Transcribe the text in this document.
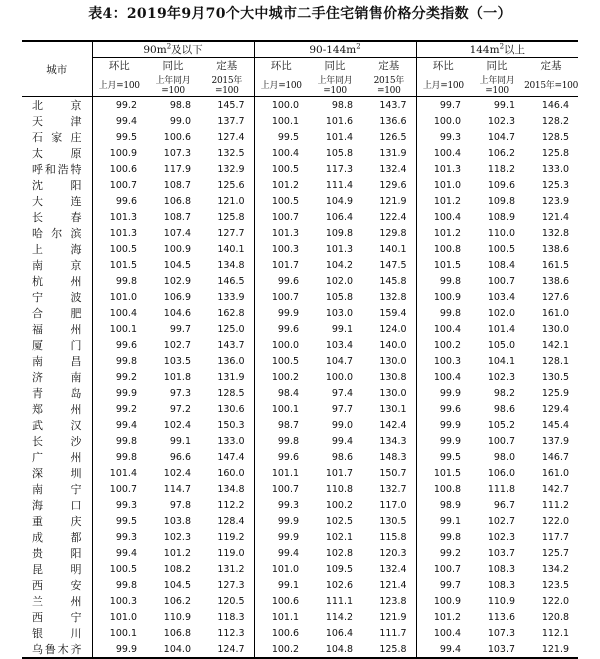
表4：2019年9月70个大中城市二手住宅销售价格分类指数（一）
城市	$90m^2$及以下			$90-144m^2$			$144m^2$以上		
	环比	同比	定基	环比	同比	定基	环比	同比	定基
	上月=100	上年同月=100	2015年=100	上月=100	上年同月=100	2015年=100	上月=100	上年同月=100	2015年=100
北京	99.2	98.8	145.7	100.0	98.8	143.7	99.7	99.1	146.4
天津	99.4	99.0	137.7	100.1	101.6	136.6	100.0	102.3	128.2
石家庄	99.5	100.6	127.4	99.5	101.4	126.5	99.3	104.7	128.5
太原	100.9	107.3	132.5	100.4	105.8	131.9	100.4	106.2	125.8
呼和浩特	100.6	117.9	132.9	100.5	117.3	132.4	101.3	118.2	133.0
沈阳	100.7	108.7	125.6	101.2	111.4	129.6	101.0	109.6	125.3
大连	99.6	106.8	121.0	100.5	104.9	121.9	101.2	109.8	123.9
长春	101.3	108.7	125.8	100.7	106.4	122.4	100.4	108.9	121.4
哈尔滨	101.3	107.4	127.7	101.3	109.8	129.8	101.2	110.0	132.8
上海	100.5	100.9	140.1	100.3	101.3	140.1	100.8	100.5	138.6
南京	101.5	104.5	134.8	101.7	104.2	147.5	101.5	108.4	161.5
杭州	99.8	102.9	146.5	99.6	102.0	145.8	99.8	100.7	138.6
宁波	101.0	106.9	133.9	100.7	105.8	132.8	100.9	103.4	127.6
合肥	100.4	104.6	162.8	99.9	103.0	159.4	99.8	102.0	161.0
福州	100.1	99.7	125.0	99.6	99.1	124.0	100.4	101.4	130.0
厦门	99.6	102.7	143.7	100.0	103.4	140.0	100.2	105.0	142.1
南昌	99.8	103.5	136.0	100.5	104.7	130.0	100.3	104.1	128.1
济南	99.2	101.8	131.9	100.2	100.0	130.8	100.4	102.3	130.5
青岛	99.9	97.3	128.5	98.4	97.4	130.0	99.9	98.2	125.9
郑州	99.2	97.2	130.6	100.1	97.7	130.1	99.6	98.6	129.4
武汉	99.4	102.4	150.3	98.7	99.0	142.4	99.9	105.2	145.4
长沙	99.8	99.1	133.0	99.8	99.4	134.3	99.9	100.7	137.9
广州	99.8	96.6	147.4	99.6	98.6	148.3	99.5	98.0	146.7
深圳	101.4	102.4	160.0	101.1	101.7	150.7	101.5	106.0	161.0
南宁	100.7	114.7	134.8	100.7	110.8	132.7	100.8	111.8	142.7
海口	99.3	97.8	112.2	99.3	100.2	117.0	98.9	96.7	111.2
重庆	99.5	103.8	128.4	99.9	102.5	130.5	99.1	102.7	122.0
成都	99.3	102.3	119.2	99.9	102.1	115.8	99.8	102.3	117.7
贵阳	99.4	101.2	119.0	99.4	102.8	120.3	99.2	103.7	125.7
昆明	100.5	108.2	131.2	101.0	109.5	132.4	100.7	108.3	134.2
西安	99.8	104.5	127.3	99.1	102.6	121.4	99.7	108.3	123.5
兰州	100.3	106.2	120.5	100.6	111.1	123.8	100.9	110.9	122.0
西宁	101.0	110.9	118.3	101.1	114.2	121.9	101.2	113.6	120.8
银川	100.1	106.8	112.3	100.6	106.4	111.7	100.4	107.3	112.1
乌鲁木齐	99.9	104.0	124.7	100.2	104.8	125.8	99.4	103.7	121.9
